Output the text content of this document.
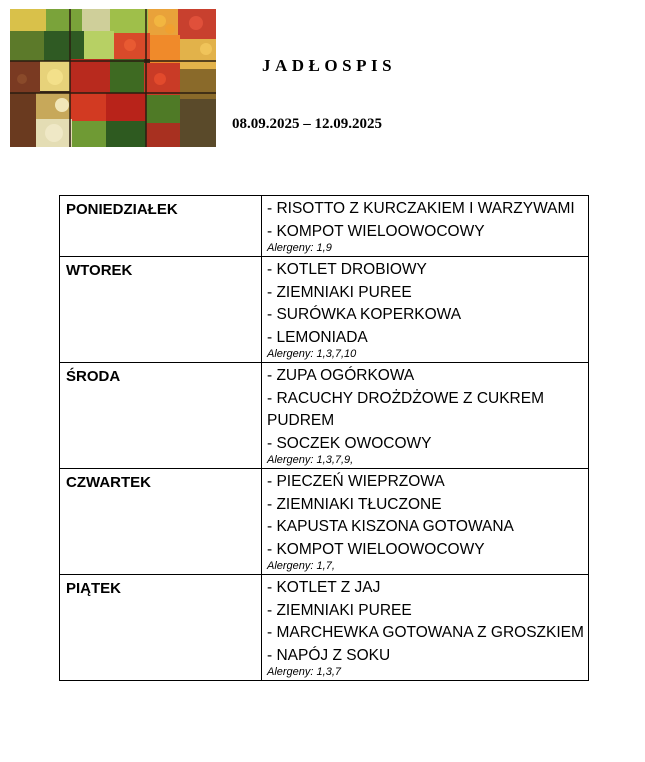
JADŁOSPIS
08.09.2025 – 12.09.2025
PONIEDZIAŁEK	- RISOTTO Z KURCZAKIEM I WARZYWAMI
- KOMPOT WIELOOWOCOWY
Alergeny: 1,9

WTOREK	- KOTLET DROBIOWY
- ZIEMNIAKI PUREE
- SURÓWKA KOPERKOWA
- LEMONIADA
Alergeny: 1,3,7,10

ŚRODA	- ZUPA OGÓRKOWA
- RACUCHY DROŻDŻOWE Z CUKREM PUDREM
- SOCZEK OWOCOWY
Alergeny: 1,3,7,9,

CZWARTEK	- PIECZEŃ WIEPRZOWA
- ZIEMNIAKI TŁUCZONE
- KAPUSTA KISZONA GOTOWANA
- KOMPOT WIELOOWOCOWY
Alergeny: 1,7,

PIĄTEK	- KOTLET Z JAJ
- ZIEMNIAKI PUREE
- MARCHEWKA GOTOWANA Z GROSZKIEM
- NAPÓJ Z SOKU
Alergeny: 1,3,7
